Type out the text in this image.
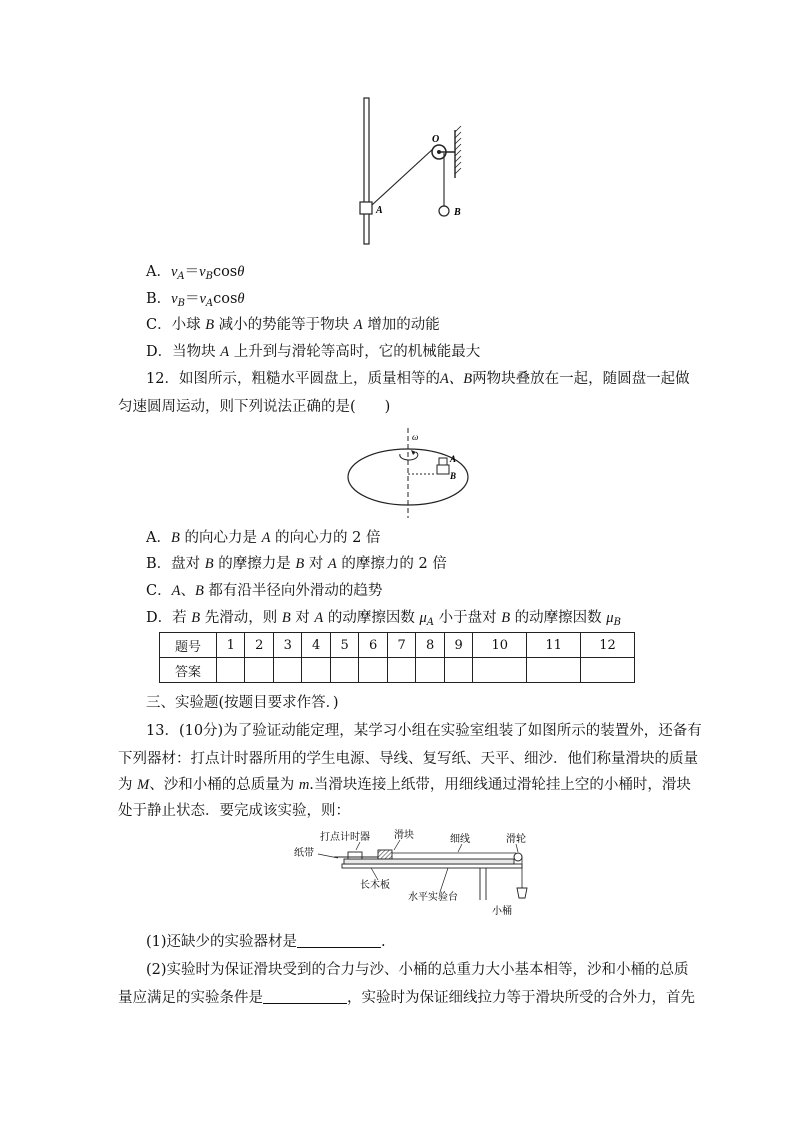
O
A	B
A．$v_A=v_B\cos\theta$
B．$v_B=v_A\cos\theta$
C．小球 B 减小的势能等于物块 A 增加的动能
D．当物块 A 上升到与滑轮等高时，它的机械能最大
12．如图所示，粗糙水平圆盘上，质量相等的A、B两物块叠放在一起，随圆盘一起做
匀速圆周运动，则下列说法正确的是(　　)
ω
A
B
A．B 的向心力是 A 的向心力的 2 倍
B．盘对 B 的摩擦力是 B 对 A 的摩擦力的 2 倍
C．A、B 都有沿半径向外滑动的趋势
D．若 B 先滑动，则 B 对 A 的动摩擦因数 $\mu_A$ 小于盘对 B 的动摩擦因数 $\mu_B$
题号	1	2	3	4	5	6	7	8	9	10	11	12
答案												
三、实验题(按题目要求作答．)
13．(10分)为了验证动能定理，某学习小组在实验室组装了如图所示的装置外，还备有
下列器材：打点计时器所用的学生电源、导线、复写纸、天平、细沙．他们称量滑块的质量
为 M、沙和小桶的总质量为 m.当滑块连接上纸带，用细线通过滑轮挂上空的小桶时，滑块
处于静止状态．要完成该实验，则：
打点计时器 滑块	细线	滑轮
纸带
长木板
水平实验台
小桶
(1)还缺少的实验器材是	.
(2)实验时为保证滑块受到的合力与沙、小桶的总重力大小基本相等，沙和小桶的总质
量应满足的实验条件是	，实验时为保证细线拉力等于滑块所受的合外力，首先
